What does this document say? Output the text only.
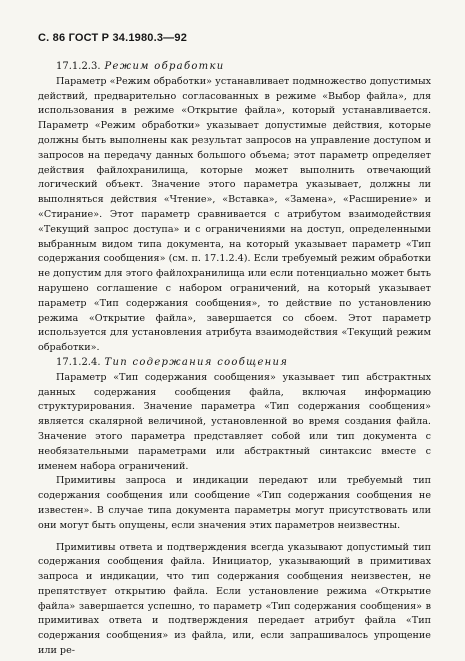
С. 86 ГОСТ Р 34.1980.3—92
17.1.2.3. Режим обработки

Параметр «Режим обработки» устанавливает подмножество допустимых действий, предварительно согласованных в режиме «Выбор файла», для использования в режиме «Открытие файла», который устанавливается. Параметр «Режим обработки» указывает допустимые действия, которые должны быть выполнены как результат запросов на управление доступом и запросов на передачу данных большого объема; этот параметр определяет действия файлохранилища, которые может выполнить отвечающий логический объект. Значение этого параметра указывает, должны ли выполняться действия «Чтение», «Вставка», «Замена», «Расширение» и «Стирание». Этот параметр сравнивается с атрибутом взаимодействия «Текущий запрос доступа» и с ограничениями на доступ, определенными выбранным видом типа документа, на который указывает параметр «Тип содержания сообщения» (см. п. 17.1.2.4). Если требуемый режим обработки не допустим для этого файлохранилища или если потенциально может быть нарушено соглашение с набором ограничений, на который указывает параметр «Тип содержания сообщения», то действие по установлению режима «Открытие файла», завершается со сбоем. Этот параметр используется для установления атрибута взаимодействия «Текущий режим обработки».

17.1.2.4. Тип содержания сообщения

Параметр «Тип содержания сообщения» указывает тип абстрактных данных содержания сообщения файла, включая информацию структурирования. Значение параметра «Тип содержания сообщения» является скалярной величиной, установленной во время создания файла. Значение этого параметра представляет собой или тип документа с необязательными параметрами или абстрактный синтаксис вместе с именем набора ограничений.

Примитивы запроса и индикации передают или требуемый тип содержания сообщения или сообщение «Тип содержания сообщения не известен». В случае типа документа параметры могут присутствовать или они могут быть опущены, если значения этих параметров неизвестны.

Примитивы ответа и подтверждения всегда указывают допустимый тип содержания сообщения файла. Инициатор, указывающий в примитивах запроса и индикации, что тип содержания сообщения неизвестен, не препятствует открытию файла. Если установление режима «Открытие файла» завершается успешно, то параметр «Тип содержания сообщения» в примитивах ответа и подтверждения передает атрибут файла «Тип содержания сообщения» из файла, или, если запрашивалось упрощение или ре-
